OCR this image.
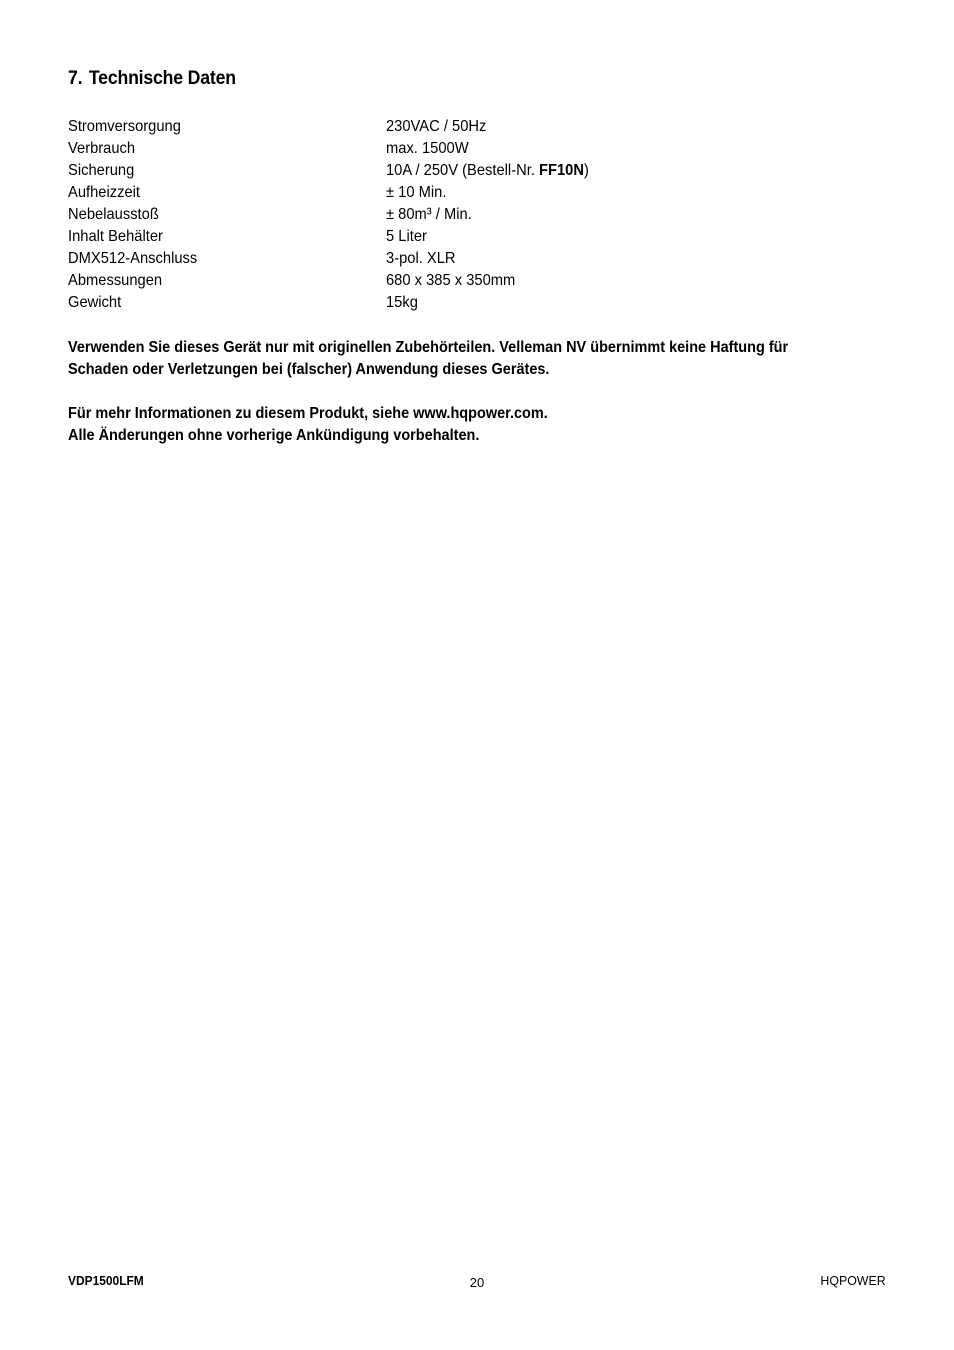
7. Technische Daten
Stromversorgung	230VAC / 50Hz
Verbrauch	max. 1500W
Sicherung	10A / 250V (Bestell-Nr. FF10N)
Aufheizzeit	± 10 Min.
Nebelausstoß	± 80m³ / Min.
Inhalt Behälter	5 Liter
DMX512-Anschluss	3-pol. XLR
Abmessungen	680 x 385 x 350mm
Gewicht	15kg
Verwenden Sie dieses Gerät nur mit originellen Zubehörteilen. Velleman NV übernimmt keine Haftung für
Schaden oder Verletzungen bei (falscher) Anwendung dieses Gerätes.
Für mehr Informationen zu diesem Produkt, siehe www.hqpower.com.
Alle Änderungen ohne vorherige Ankündigung vorbehalten.
VDP1500LFM	20	HQPOWER
